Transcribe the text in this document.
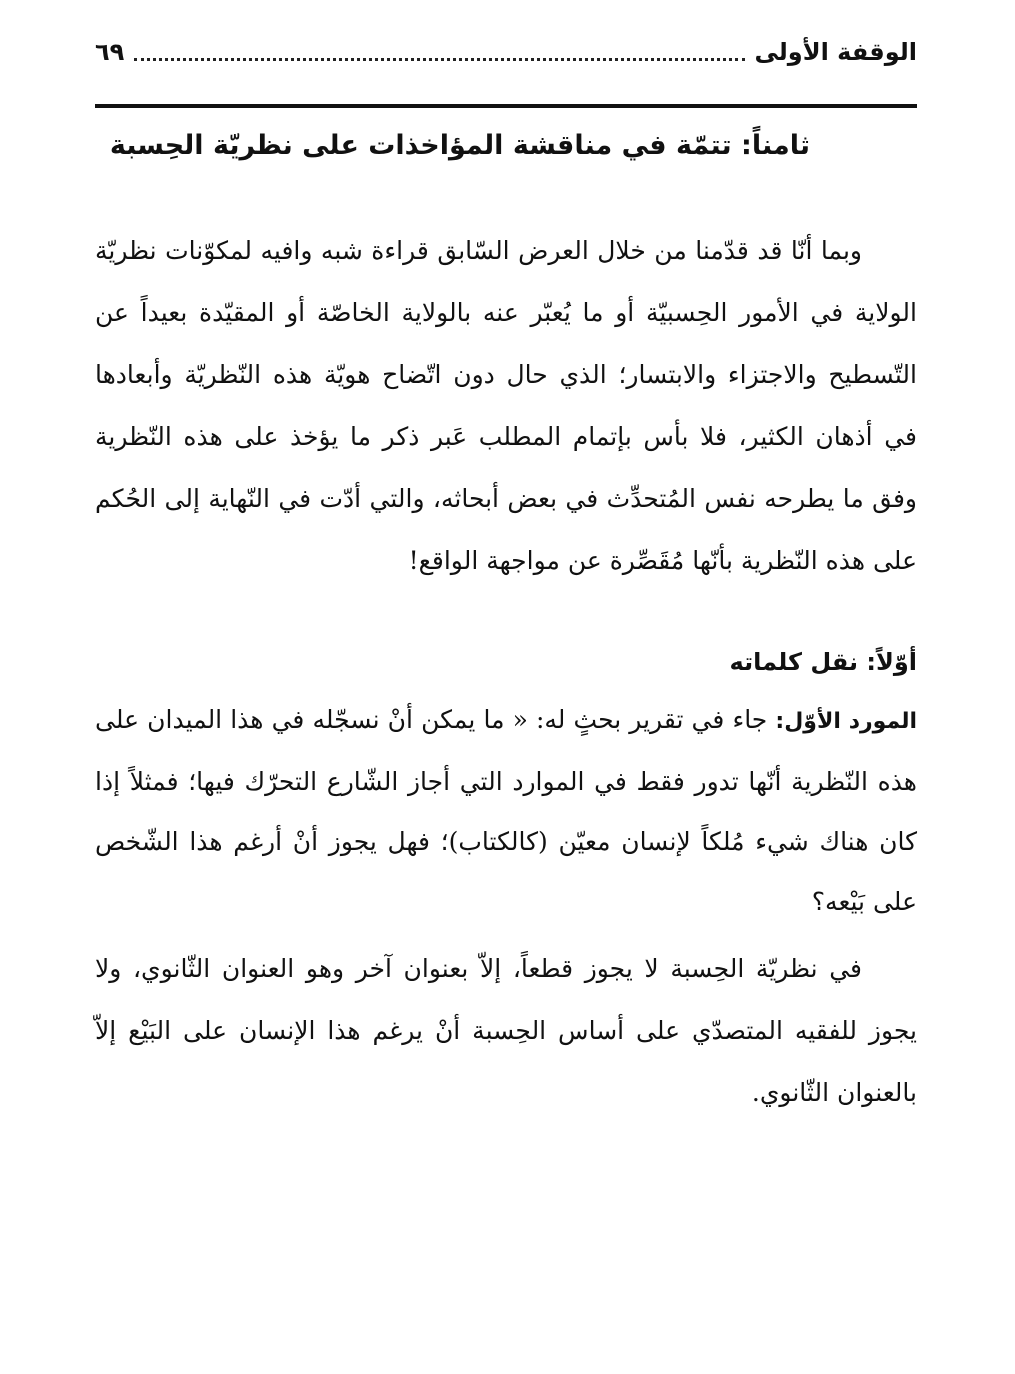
الوقفة الأولى
٦٩
ثامناً: تتمّة في مناقشة المؤاخذات على نظريّة الحِسبة

وبما أنّا قد قدّمنا من خلال العرض السّابق قراءة شبه وافيه لمكوّنات نظريّة الولاية في الأمور الحِسبيّة أو ما يُعبّر عنه بالولاية الخاصّة أو المقيّدة بعيداً عن التّسطيح والاجتزاء والابتسار؛ الذي حال دون اتّضاح هويّة هذه النّظريّة وأبعادها في أذهان الكثير، فلا بأس بإتمام المطلب عَبر ذكر ما يؤخذ على هذه النّظرية وفق ما يطرحه نفس المُتحدِّث في بعض أبحاثه، والتي أدّت في النّهاية إلى الحُكم على هذه النّظرية بأنّها مُقَصِّرة عن مواجهة الواقع!

أوّلاً: نقل كلماته

المورد الأوّل: جاء في تقرير بحثٍ له: « ما يمكن أنْ نسجّله في هذا الميدان على هذه النّظرية أنّها تدور فقط في الموارد التي أجاز الشّارع التحرّك فيها؛ فمثلاً إذا كان هناك شيء مُلكاً لإنسان معيّن (كالكتاب)؛ فهل يجوز أنْ أرغم هذا الشّخص على بَيْعه؟

في نظريّة الحِسبة لا يجوز قطعاً، إلاّ بعنوان آخر وهو العنوان الثّانوي، ولا يجوز للفقيه المتصدّي على أساس الحِسبة أنْ يرغم هذا الإنسان على البَيْع إلاّ بالعنوان الثّانوي.
